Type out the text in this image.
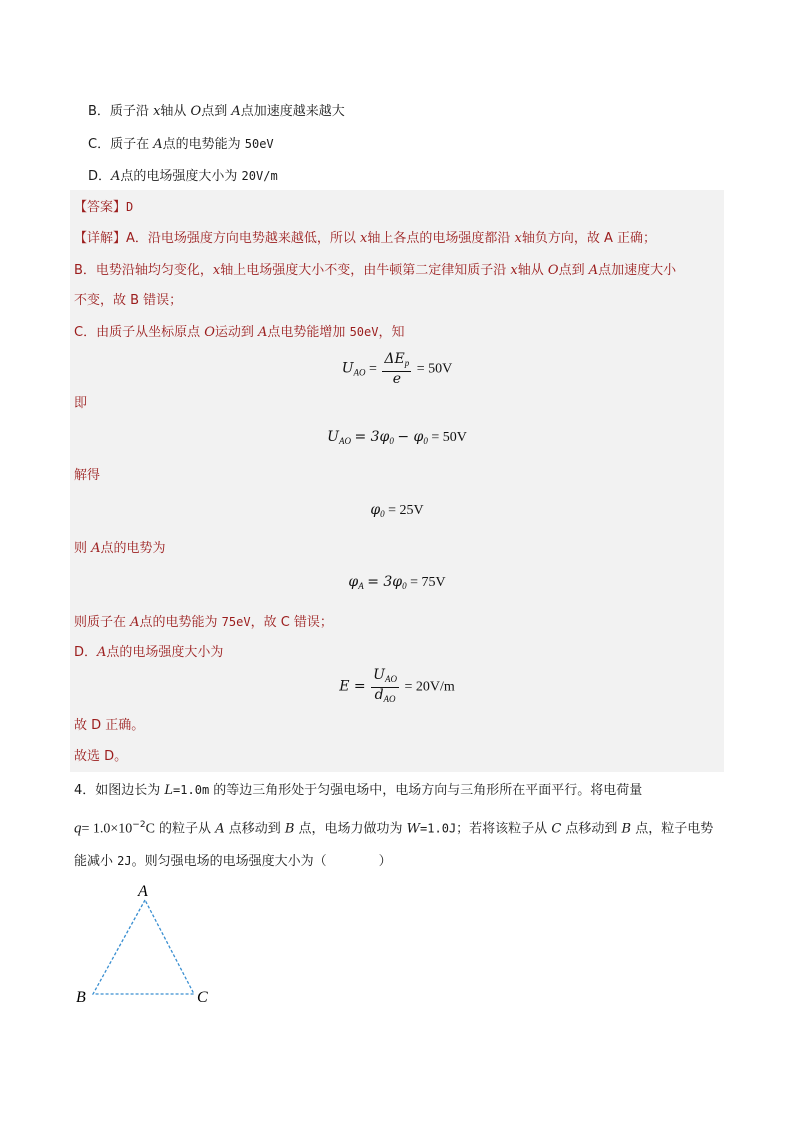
B．质子沿 x轴从 O点到 A点加速度越来越大
C．质子在 A点的电势能为 50eV
D．A点的电场强度大小为 20V/m
【答案】D
【详解】A．沿电场强度方向电势越来越低，所以 x轴上各点的电场强度都沿 x轴负方向，故 A 正确；
B．电势沿轴均匀变化，x轴上电场强度大小不变，由牛顿第二定律知质子沿 x轴从 O点到 A点加速度大小
不变，故 B 错误；
C．由质子从坐标原点 O运动到 A点电势能增加 50eV，知
$U_{AO} = \frac{\Delta E_p}{e} = 50V$
即
$U_{AO} = 3\varphi_0 - \varphi_0 = 50V$
解得
$\varphi_0 = 25V$
则 A点的电势为
$\varphi_A = 3\varphi_0 = 75V$
则质子在 A点的电势能为 75eV，故 C 错误；
D．A点的电场强度大小为
$E = \frac{U_{AO}}{d_{AO}} = 20V/m$
故 D 正确。
故选 D。
4．如图边长为 L=1.0m 的等边三角形处于匀强电场中，电场方向与三角形所在平面平行。将电荷量
$q= 1.0\times 10^{-2}C$ 的粒子从 A 点移动到 B 点，电场力做功为 W=1.0J；若将该粒子从 C 点移动到 B 点，粒子电势
能减小 2J。则匀强电场的电场强度大小为（　　　　	）
A
B	C
